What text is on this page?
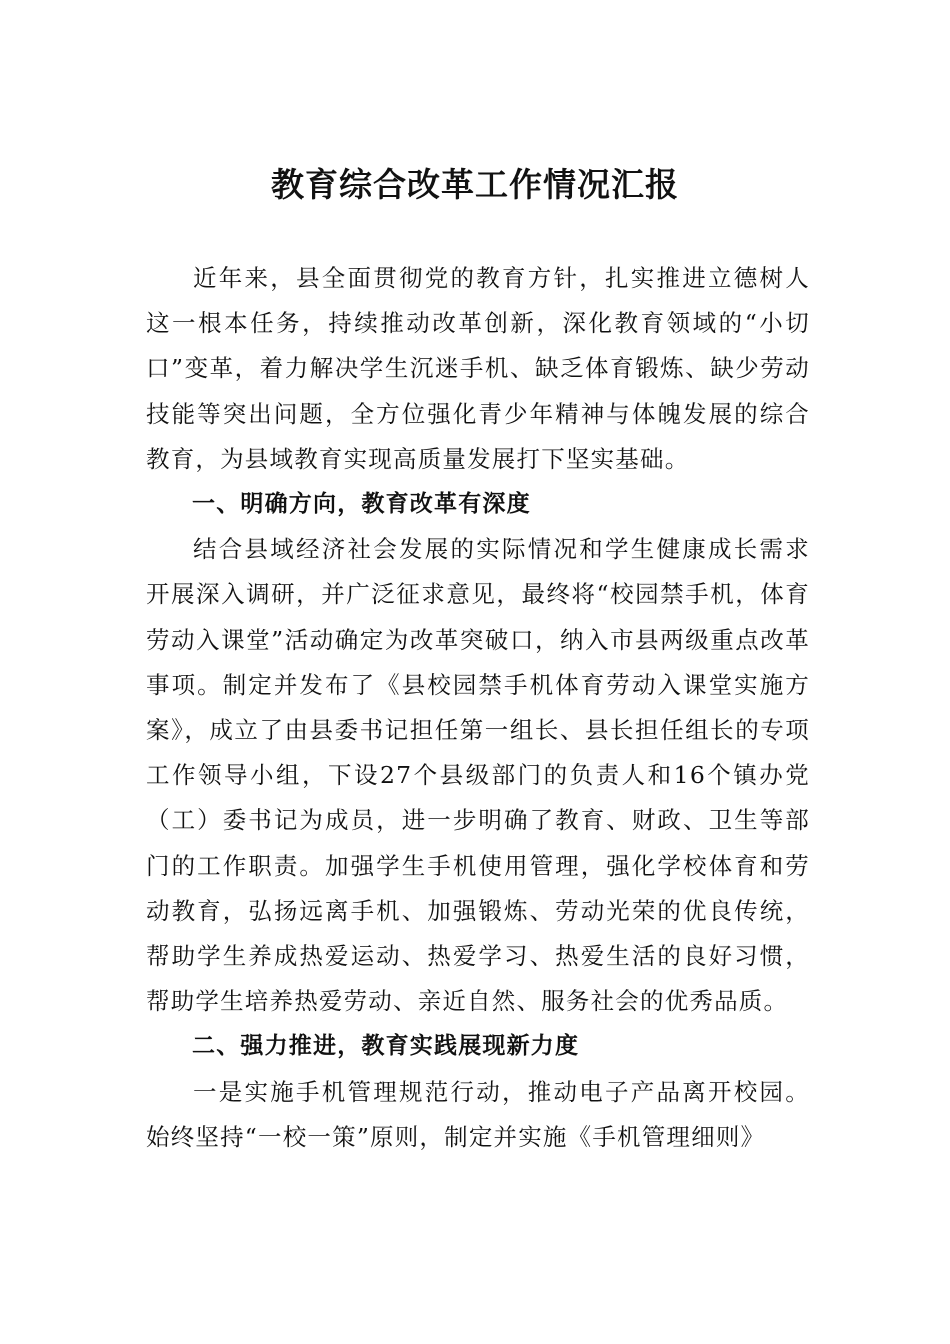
教育综合改革工作情况汇报

近年来，县全面贯彻党的教育方针，扎实推进立德树人这一根本任务，持续推动改革创新，深化教育领域的“小切口”变革，着力解决学生沉迷手机、缺乏体育锻炼、缺少劳动技能等突出问题，全方位强化青少年精神与体魄发展的综合教育，为县域教育实现高质量发展打下坚实基础。

一、明确方向，教育改革有深度

结合县域经济社会发展的实际情况和学生健康成长需求开展深入调研，并广泛征求意见，最终将“校园禁手机，体育劳动入课堂”活动确定为改革突破口，纳入市县两级重点改革事项。制定并发布了《县校园禁手机体育劳动入课堂实施方案》，成立了由县委书记担任第一组长、县长担任组长的专项工作领导小组，下设27个县级部门的负责人和16个镇办党（工）委书记为成员，进一步明确了教育、财政、卫生等部门的工作职责。加强学生手机使用管理，强化学校体育和劳动教育，弘扬远离手机、加强锻炼、劳动光荣的优良传统，帮助学生养成热爱运动、热爱学习、热爱生活的良好习惯，帮助学生培养热爱劳动、亲近自然、服务社会的优秀品质。

二、强力推进，教育实践展现新力度

一是实施手机管理规范行动，推动电子产品离开校园。始终坚持“一校一策”原则，制定并实施《手机管理细则》
